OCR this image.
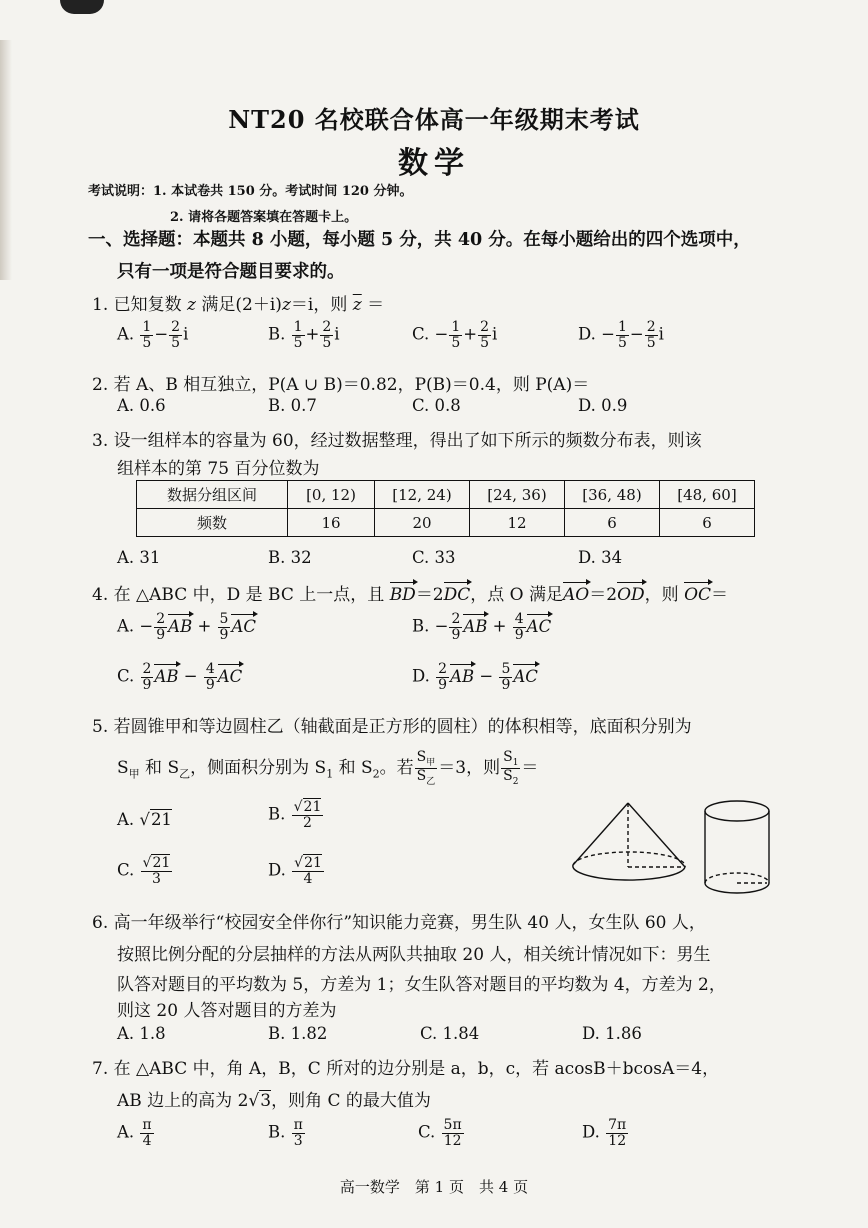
NT20 名校联合体高一年级期末考试
数学
考试说明：1. 本试卷共 150 分。考试时间 120 分钟。
2. 请将各题答案填在答题卡上。
一、选择题：本题共 8 小题，每小题 5 分，共 40 分。在每小题给出的四个选项中，
只有一项是符合题目要求的。
1. 已知复数 z 满足(2＋i)z＝i，则 $\overline{z}$ ＝
A. $\frac{1}{5} - \frac{2}{5}$ i	B. $\frac{1}{5} + \frac{2}{5}$ i	C. − $\frac{1}{5} + \frac{2}{5}$ i	D. − $\frac{1}{5} - \frac{2}{5}$ i
2. 若 A、B 相互独立，P(A ∪ B)＝0.82，P(B)＝0.4，则 P(A)＝
A. 0.6	B. 0.7	C. 0.8	D. 0.9
3. 设一组样本的容量为 60，经过数据整理，得出了如下所示的频数分布表，则该
组样本的第 75 百分位数为
数据分组区间	[0, 12)	[12, 24)	[24, 36)	[36, 48)	[48, 60]
频数	16	20	12	6	6
A. 31	B. 32	C. 33	D. 34
4. 在 △ABC 中，D 是 BC 上一点，且 BD＝2DC，点 O 满足AO＝2OD，则 OC＝
A. − $\frac{2}{9}$ AB + $\frac{5}{9}$ AC	B. − $\frac{2}{9}$ AB + $\frac{4}{9}$ AC
C. $\frac{2}{9}$ AB − $\frac{4}{9}$ AC	D. $\frac{2}{9}$ AB − $\frac{5}{9}$ AC
5. 若圆锥甲和等边圆柱乙（轴截面是正方形的圆柱）的体积相等，底面积分别为
$S_甲$ 和 $S_乙$，侧面积分别为 $S_1$ 和 $S_2$。若 $\frac{S_甲}{S_乙} =3$，则 $\frac{S_1}{S_2}$ ＝
A. √21	B. $\frac{√21}{2}$
C. $\frac{√21}{3}$	D. $\frac{√21}{4}$
6. 高一年级举行“校园安全伴你行”知识能力竞赛，男生队 40 人，女生队 60 人，
按照比例分配的分层抽样的方法从两队共抽取 20 人，相关统计情况如下：男生
队答对题目的平均数为 5，方差为 1；女生队答对题目的平均数为 4，方差为 2，
则这 20 人答对题目的方差为
A. 1.8	B. 1.82	C. 1.84	D. 1.86
7. 在 △ABC 中，角 A，B，C 所对的边分别是 a，b，c，若 acosB＋bcosA＝4，
AB 边上的高为 2√3，则角 C 的最大值为
A. $\frac{\pi}{4}$	B. $\frac{\pi}{3}$	C. $\frac{5\pi}{12}$	D. $\frac{7\pi}{12}$
高一数学　第 1 页　共 4 页
